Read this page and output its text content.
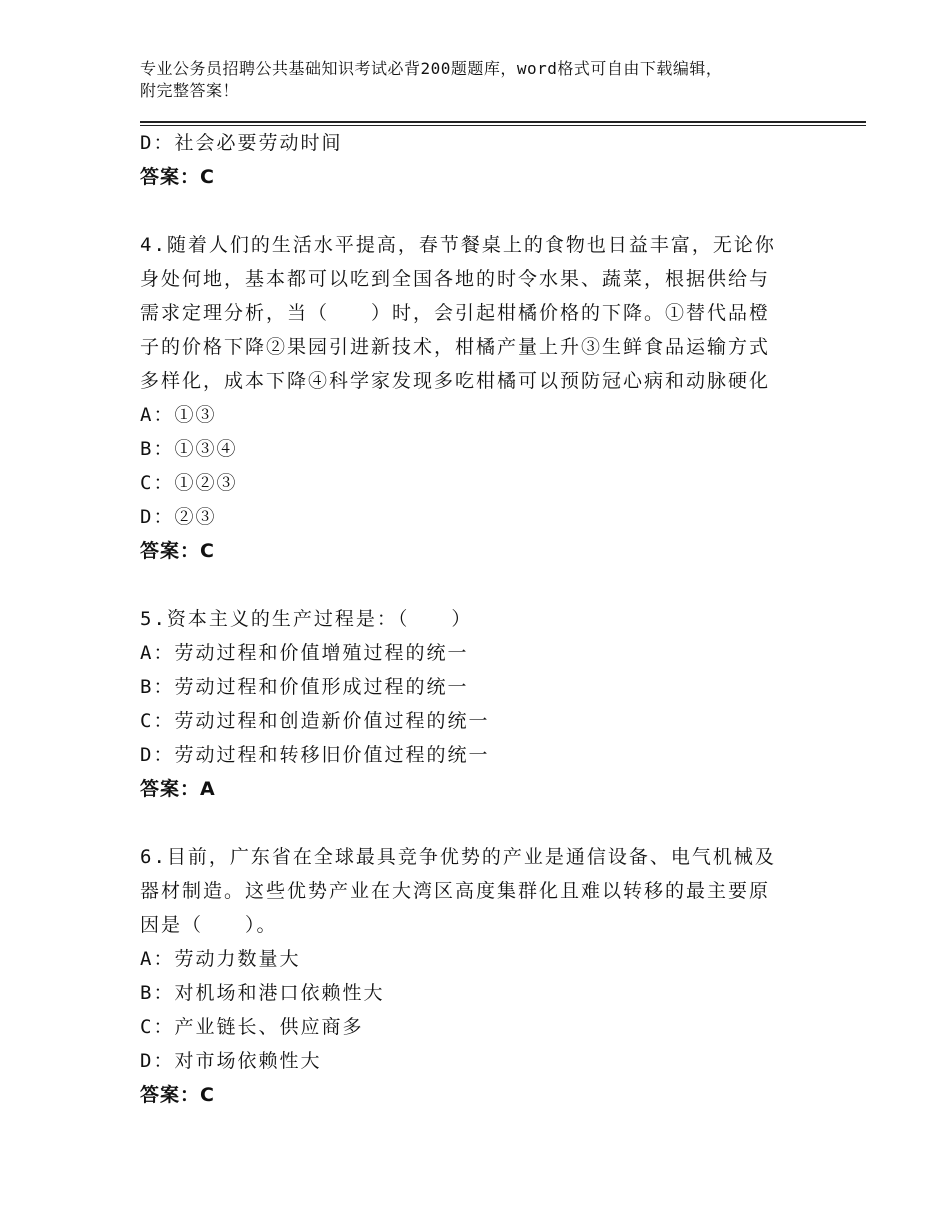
专业公务员招聘公共基础知识考试必背200题题库，word格式可自由下载编辑，
附完整答案！
D：社会必要劳动时间
答案：C
4.随着人们的生活水平提高，春节餐桌上的食物也日益丰富，无论你
身处何地，基本都可以吃到全国各地的时令水果、蔬菜，根据供给与
需求定理分析，当（　　）时，会引起柑橘价格的下降。①替代品橙
子的价格下降②果园引进新技术，柑橘产量上升③生鲜食品运输方式
多样化，成本下降④科学家发现多吃柑橘可以预防冠心病和动脉硬化
A：①③
B：①③④
C：①②③
D：②③
答案：C
5.资本主义的生产过程是：（　　）
A：劳动过程和价值增殖过程的统一
B：劳动过程和价值形成过程的统一
C：劳动过程和创造新价值过程的统一
D：劳动过程和转移旧价值过程的统一
答案：A
6.目前，广东省在全球最具竞争优势的产业是通信设备、电气机械及
器材制造。这些优势产业在大湾区高度集群化且难以转移的最主要原
因是（　　）。
A：劳动力数量大
B：对机场和港口依赖性大
C：产业链长、供应商多
D：对市场依赖性大
答案：C
